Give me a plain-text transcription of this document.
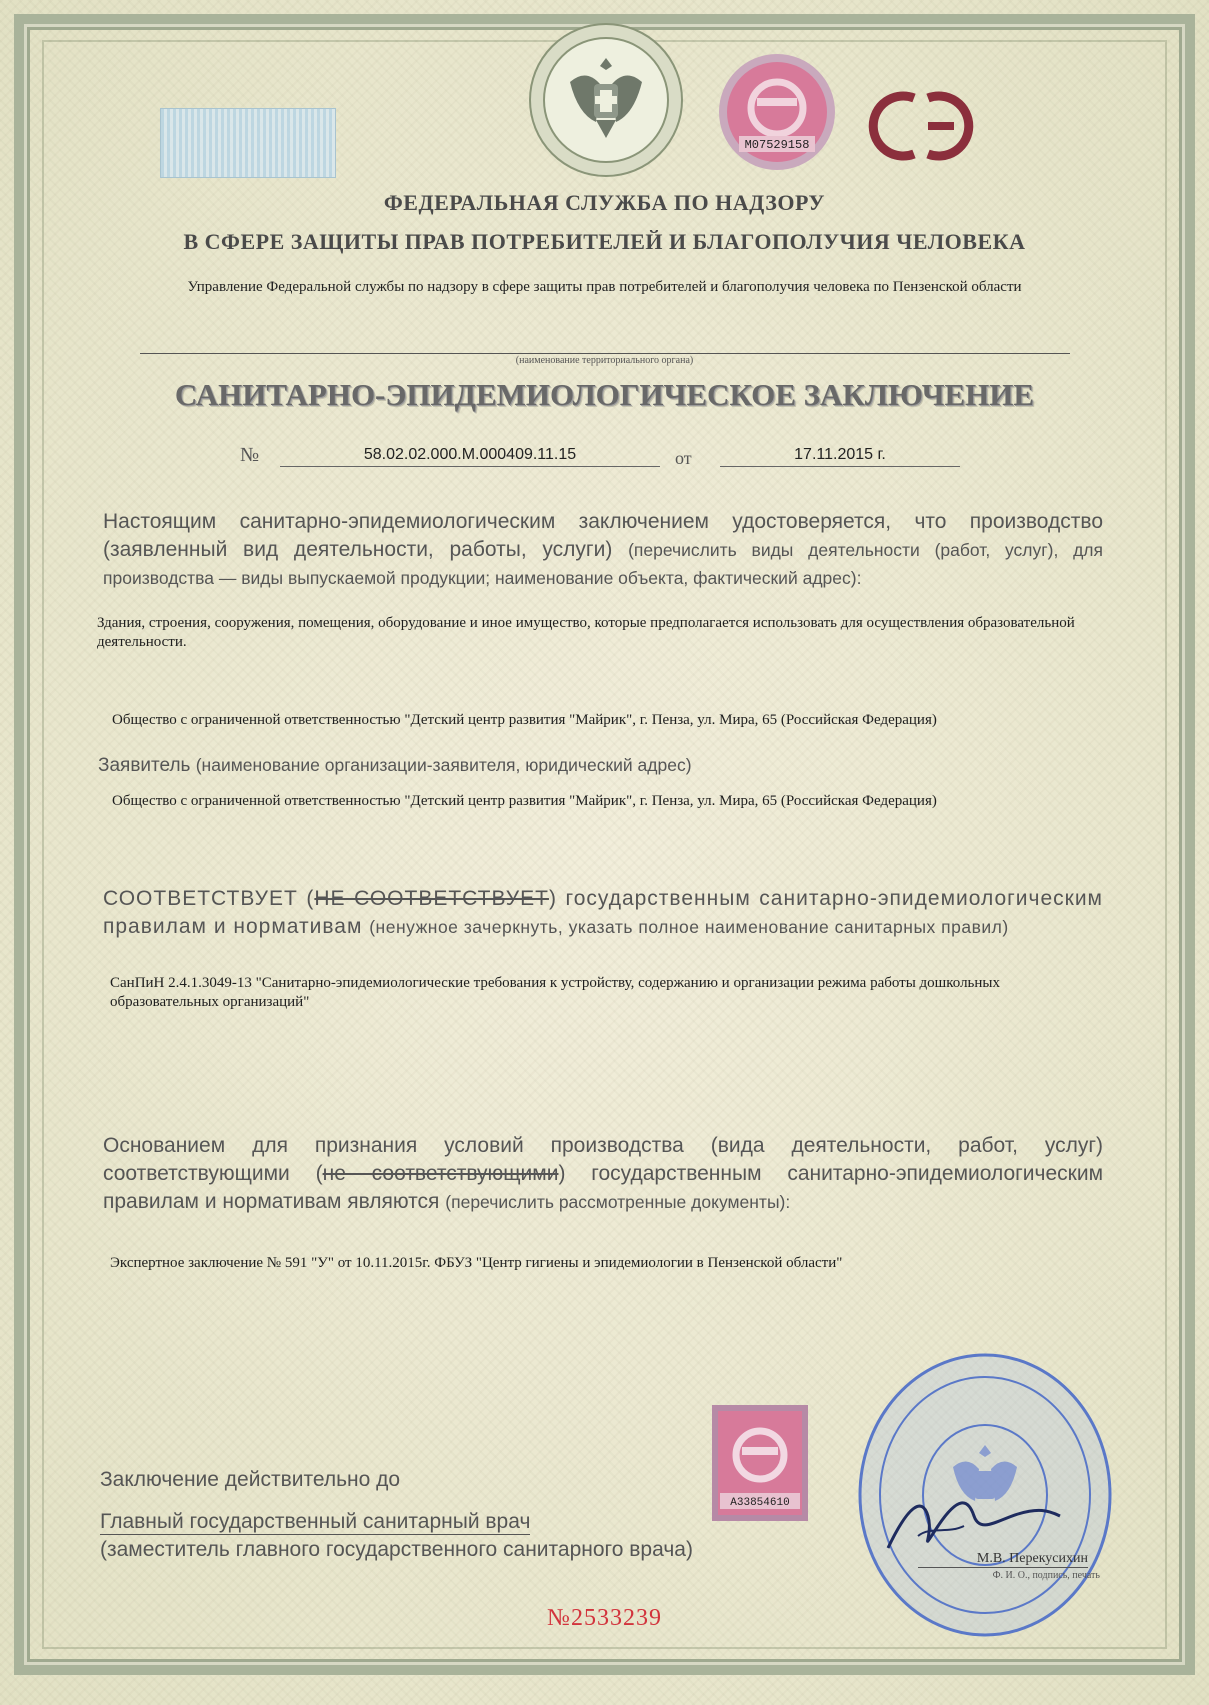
М07529158
ФЕДЕРАЛЬНАЯ СЛУЖБА ПО НАДЗОРУ
В СФЕРЕ ЗАЩИТЫ ПРАВ ПОТРЕБИТЕЛЕЙ И БЛАГОПОЛУЧИЯ ЧЕЛОВЕКА
Управление Федеральной службы по надзору в сфере защиты прав потребителей и благополучия человека по Пензенской области
(наименование территориального органа)
САНИТАРНО-ЭПИДЕМИОЛОГИЧЕСКОЕ ЗАКЛЮЧЕНИЕ
№	58.02.02.000.М.000409.11.15	от	17.11.2015 г.
Настоящим санитарно-эпидемиологическим заключением удостоверяется, что производство (заявленный вид деятельности, работы, услуги) (перечислить виды деятельности (работ, услуг), для производства — виды выпускаемой продукции; наименование объекта, фактический адрес):
Здания, строения, сооружения, помещения, оборудование и иное имущество, которые предполагается использовать для осуществления образовательной деятельности.
Общество с ограниченной ответственностью "Детский центр развития "Майрик", г. Пенза, ул. Мира, 65 (Российская Федерация)
Заявитель (наименование организации-заявителя, юридический адрес)
Общество с ограниченной ответственностью "Детский центр развития "Майрик", г. Пенза, ул. Мира, 65 (Российская Федерация)
СООТВЕТСТВУЕТ (НЕ СООТВЕТСТВУЕТ) государственным санитарно-эпидемиологическим правилам и нормативам (ненужное зачеркнуть, указать полное наименование санитарных правил)
СанПиН 2.4.1.3049-13 "Санитарно-эпидемиологические требования к устройству, содержанию и организации режима работы дошкольных образовательных организаций"
Основанием для признания условий производства (вида деятельности, работ, услуг) соответствующими (не соответствующими) государственным санитарно-эпидемиологическим правилам и нормативам являются (перечислить рассмотренные документы):
Экспертное заключение № 591 "У" от 10.11.2015г. ФБУЗ "Центр гигиены и эпидемиологии в Пензенской области"
Заключение действительно до
Главный государственный санитарный врач
(заместитель главного государственного санитарного врача)
А33854610
М.В. Перекусихин
Ф. И. О., подпись, печать
№2533239
